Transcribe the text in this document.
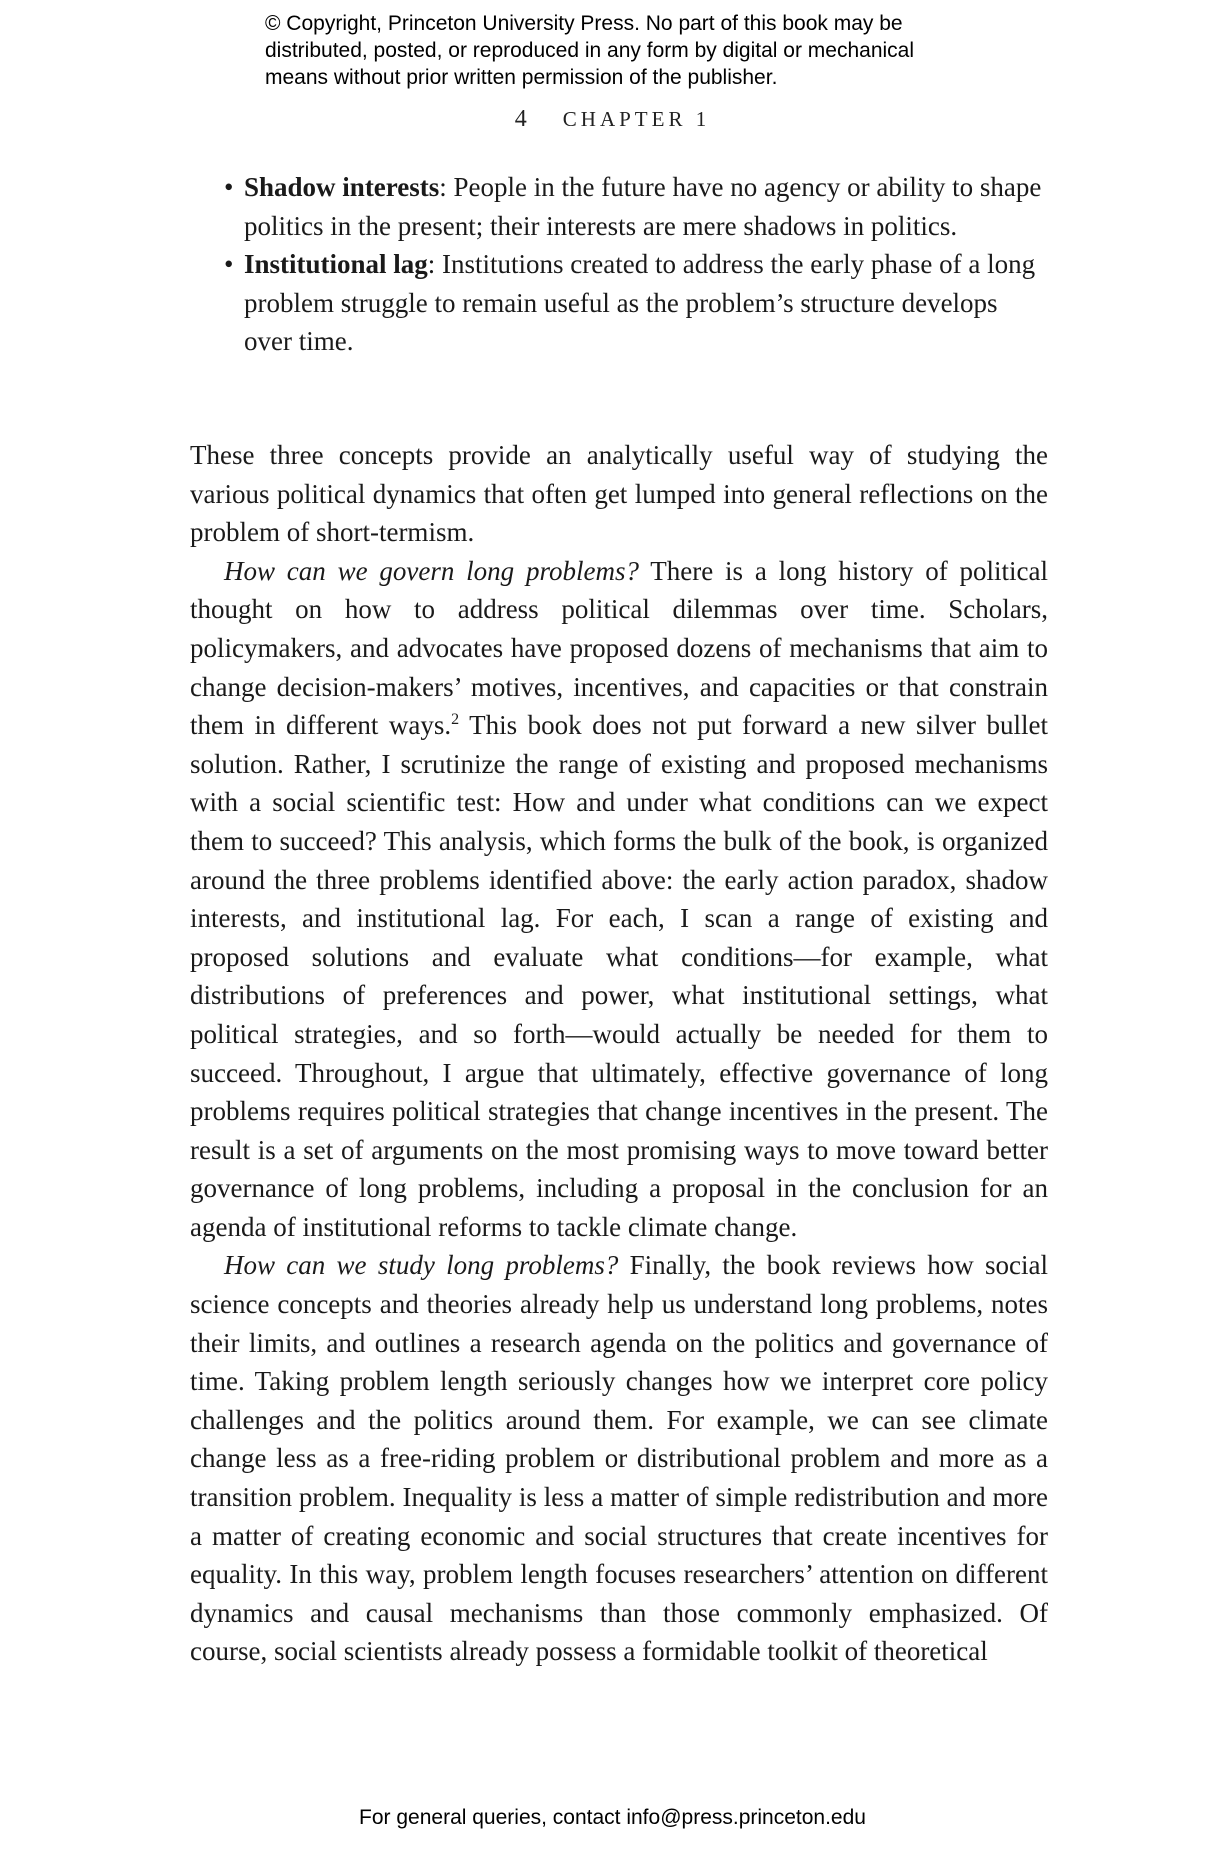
© Copyright, Princeton University Press. No part of this book may be
distributed, posted, or reproduced in any form by digital or mechanical
means without prior written permission of the publisher.
4 CHAPTER 1
• Shadow interests: People in the future have no agency or ability to shape politics in the present; their interests are mere shadows in politics.
• Institutional lag: Institutions created to address the early phase of a long problem struggle to remain useful as the problem’s structure develops over time.

These three concepts provide an analytically useful way of studying the various political dynamics that often get lumped into general reflections on the problem of short-termism.

How can we govern long problems? There is a long history of political thought on how to address political dilemmas over time. Scholars, policymakers, and advocates have proposed dozens of mechanisms that aim to change decision-makers’ motives, incentives, and capacities or that constrain them in different ways.$^2$ This book does not put forward a new silver bullet solution. Rather, I scrutinize the range of existing and proposed mechanisms with a social scientific test: How and under what conditions can we expect them to succeed? This analysis, which forms the bulk of the book, is organized around the three problems identified above: the early action paradox, shadow interests, and institutional lag. For each, I scan a range of existing and proposed solutions and evaluate what conditions—for example, what distributions of preferences and power, what institutional settings, what political strategies, and so forth—would actually be needed for them to succeed. Throughout, I argue that ultimately, effective governance of long problems requires political strategies that change incentives in the present. The result is a set of arguments on the most promising ways to move toward better governance of long problems, including a proposal in the conclusion for an agenda of institutional reforms to tackle climate change.

How can we study long problems? Finally, the book reviews how social science concepts and theories already help us understand long problems, notes their limits, and outlines a research agenda on the politics and governance of time. Taking problem length seriously changes how we interpret core policy challenges and the politics around them. For example, we can see climate change less as a free-riding problem or distributional problem and more as a transition problem. Inequality is less a matter of simple redistribution and more a matter of creating economic and social structures that create incentives for equality. In this way, problem length focuses researchers’ attention on different dynamics and causal mechanisms than those commonly emphasized. Of course, social scientists already possess a formidable toolkit of theoretical

For general queries, contact info@press.princeton.edu
